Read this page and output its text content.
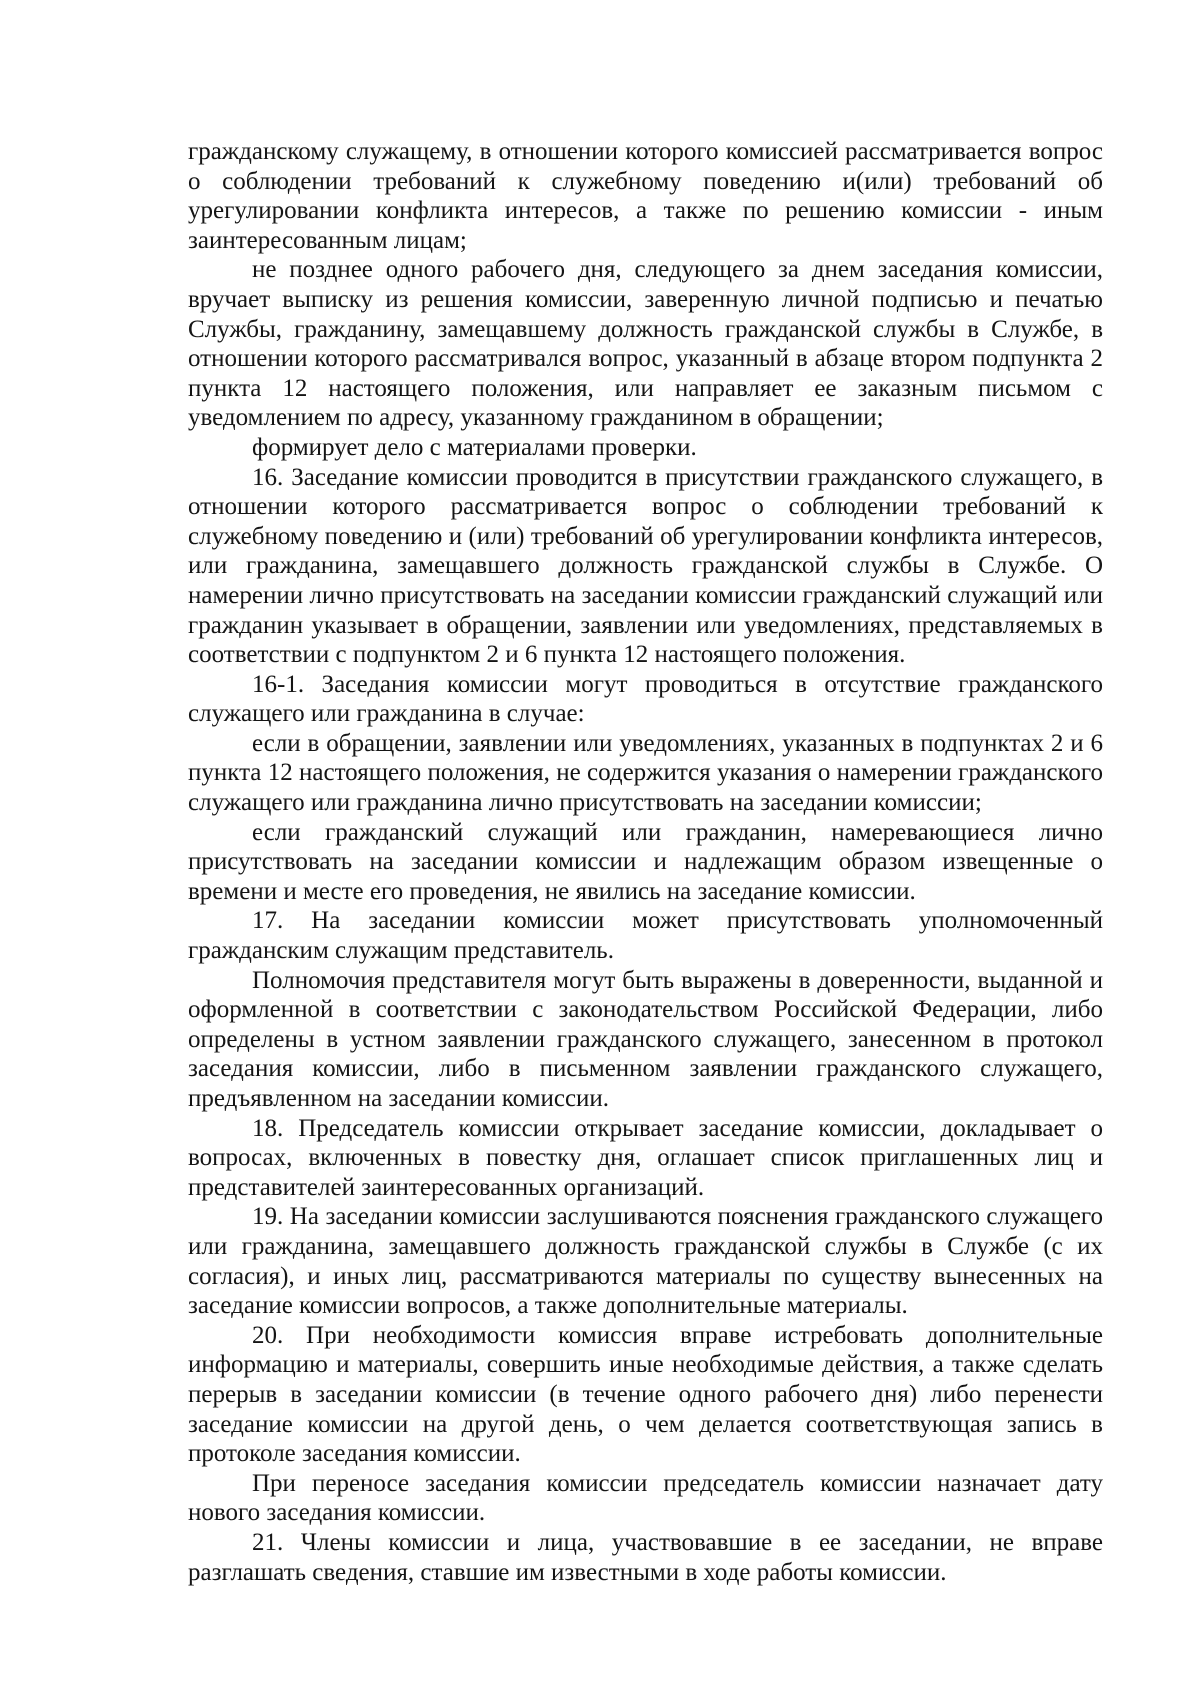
гражданскому служащему, в отношении которого комиссией рассматривается вопрос о соблюдении требований к служебному поведению и(или) требований об урегулировании конфликта интересов, а также по решению комиссии - иным заинтересованным лицам;

не позднее одного рабочего дня, следующего за днем заседания комиссии, вручает выписку из решения комиссии, заверенную личной подписью и печатью Службы, гражданину, замещавшему должность гражданской службы в Службе, в отношении которого рассматривался вопрос, указанный в абзаце втором подпункта 2 пункта 12 настоящего положения, или направляет ее заказным письмом с уведомлением по адресу, указанному гражданином в обращении;

формирует дело с материалами проверки.

16. Заседание комиссии проводится в присутствии гражданского служащего, в отношении которого рассматривается вопрос о соблюдении требований к служебному поведению и (или) требований об урегулировании конфликта интересов, или гражданина, замещавшего должность гражданской службы в Службе. О намерении лично присутствовать на заседании комиссии гражданский служащий или гражданин указывает в обращении, заявлении или уведомлениях, представляемых в соответствии с подпунктом 2 и 6 пункта 12 настоящего положения.

16-1. Заседания комиссии могут проводиться в отсутствие гражданского служащего или гражданина в случае:

если в обращении, заявлении или уведомлениях, указанных в подпунктах 2 и 6 пункта 12 настоящего положения, не содержится указания о намерении гражданского служащего или гражданина лично присутствовать на заседании комиссии;

если гражданский служащий или гражданин, намеревающиеся лично присутствовать на заседании комиссии и надлежащим образом извещенные о времени и месте его проведения, не явились на заседание комиссии.

17. На заседании комиссии может присутствовать уполномоченный гражданским служащим представитель.

Полномочия представителя могут быть выражены в доверенности, выданной и оформленной в соответствии с законодательством Российской Федерации, либо определены в устном заявлении гражданского служащего, занесенном в протокол заседания комиссии, либо в письменном заявлении гражданского служащего, предъявленном на заседании комиссии.

18. Председатель комиссии открывает заседание комиссии, докладывает о вопросах, включенных в повестку дня, оглашает список приглашенных лиц и представителей заинтересованных организаций.

19. На заседании комиссии заслушиваются пояснения гражданского служащего или гражданина, замещавшего должность гражданской службы в Службе (с их согласия), и иных лиц, рассматриваются материалы по существу вынесенных на заседание комиссии вопросов, а также дополнительные материалы.

20. При необходимости комиссия вправе истребовать дополнительные информацию и материалы, совершить иные необходимые действия, а также сделать перерыв в заседании комиссии (в течение одного рабочего дня) либо перенести заседание комиссии на другой день, о чем делается соответствующая запись в протоколе заседания комиссии.

При переносе заседания комиссии председатель комиссии назначает дату нового заседания комиссии.

21. Члены комиссии и лица, участвовавшие в ее заседании, не вправе разглашать сведения, ставшие им известными в ходе работы комиссии.
